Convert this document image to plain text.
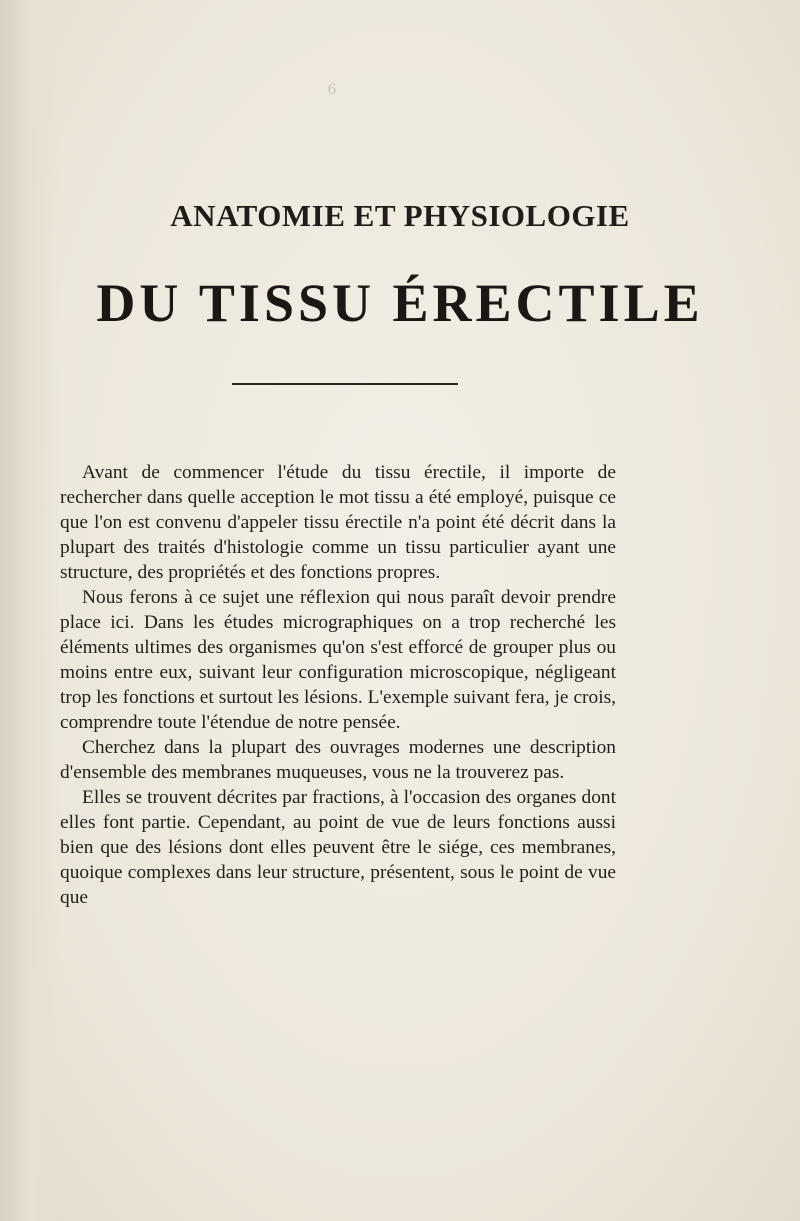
6
ANATOMIE ET PHYSIOLOGIE
DU TISSU ÉRECTILE

Avant de commencer l'étude du tissu érectile, il importe de rechercher dans quelle acception le mot tissu a été employé, puisque ce que l'on est convenu d'appeler tissu érectile n'a point été décrit dans la plupart des traités d'histologie comme un tissu particulier ayant une structure, des propriétés et des fonctions propres.

Nous ferons à ce sujet une réflexion qui nous paraît devoir prendre place ici. Dans les études micrographiques on a trop recherché les éléments ultimes des organismes qu'on s'est efforcé de grouper plus ou moins entre eux, suivant leur configuration microscopique, négligeant trop les fonctions et surtout les lésions. L'exemple suivant fera, je crois, comprendre toute l'étendue de notre pensée.

Cherchez dans la plupart des ouvrages modernes une description d'ensemble des membranes muqueuses, vous ne la trouverez pas.

Elles se trouvent décrites par fractions, à l'occasion des organes dont elles font partie. Cependant, au point de vue de leurs fonctions aussi bien que des lésions dont elles peuvent être le siége, ces membranes, quoique complexes dans leur structure, présentent, sous le point de vue que
